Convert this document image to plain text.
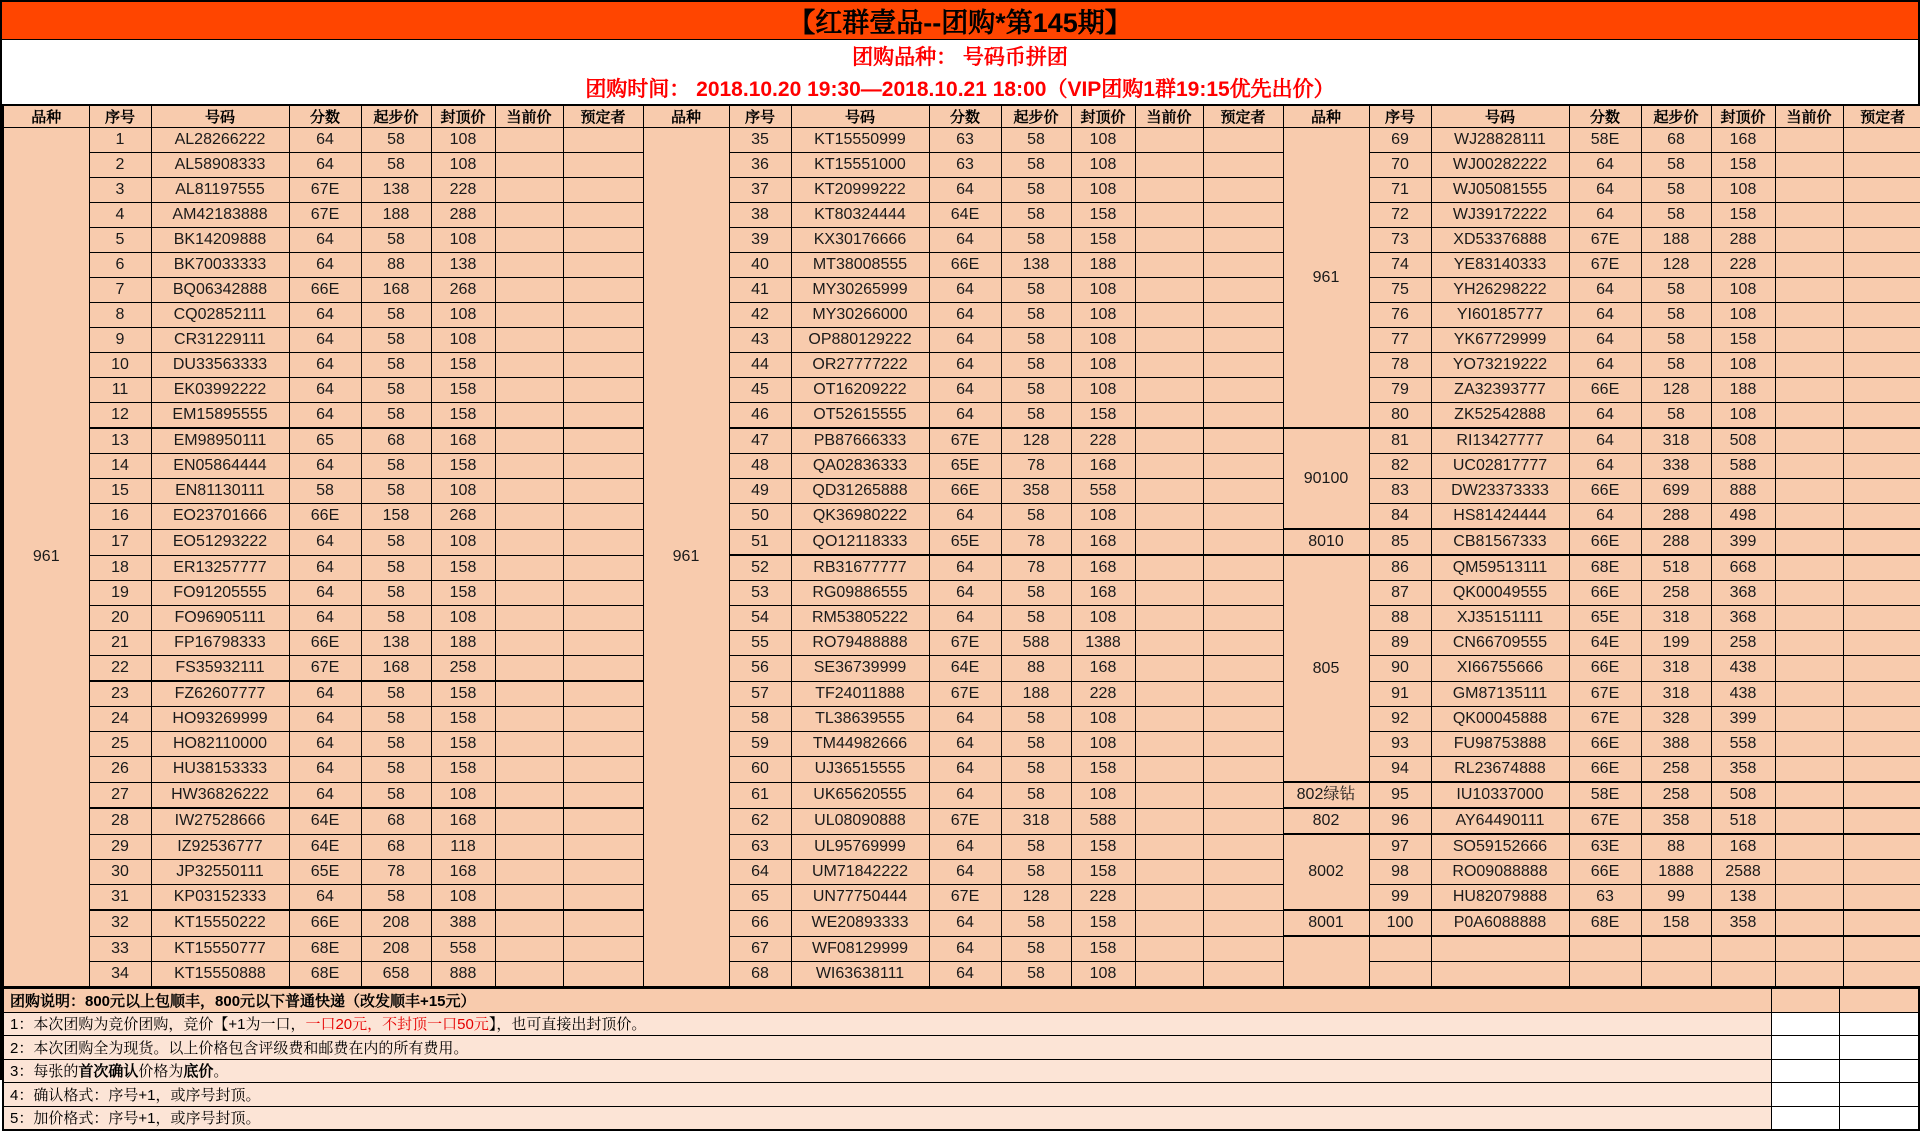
【红群壹品--团购*第145期】
团购品种： 号码币拼团
团购时间： 2018.10.20 19:30—2018.10.21 18:00（VIP团购1群19:15优先出价）
品种	序号	号码	分数	起步价	封顶价	当前价	预定者	品种	序号	号码	分数	起步价	封顶价	当前价	预定者	品种	序号	号码	分数	起步价	封顶价	当前价	预定者
961	1	AL28266222	64	58	108			961	35	KT15550999	63	58	108			961	69	WJ28828111	58E	68	168		
	2	AL58908333	64	58	108				36	KT15551000	63	58	108				70	WJ00282222	64	58	158		
	3	AL81197555	67E	138	228				37	KT20999222	64	58	108				71	WJ05081555	64	58	108		
	4	AM42183888	67E	188	288				38	KT80324444	64E	58	158				72	WJ39172222	64	58	158		
	5	BK14209888	64	58	108				39	KX30176666	64	58	158				73	XD53376888	67E	188	288		
	6	BK70033333	64	88	138				40	MT38008555	66E	138	188				74	YE83140333	67E	128	228		
	7	BQ06342888	66E	168	268				41	MY30265999	64	58	108				75	YH26298222	64	58	108		
	8	CQ02852111	64	58	108				42	MY30266000	64	58	108				76	YI60185777	64	58	108		
	9	CR31229111	64	58	108				43	OP880129222	64	58	108				77	YK67729999	64	58	158		
	10	DU33563333	64	58	158				44	OR27777222	64	58	108				78	YO73219222	64	58	108		
	11	EK03992222	64	58	158				45	OT16209222	64	58	108				79	ZA32393777	66E	128	188		
	12	EM15895555	64	58	158				46	OT52615555	64	58	158				80	ZK52542888	64	58	108		
	13	EM98950111	65	68	168				47	PB87666333	67E	128	228			90100	81	RI13427777	64	318	508		
	14	EN05864444	64	58	158				48	QA02836333	65E	78	168				82	UC02817777	64	338	588		
	15	EN81130111	58	58	108				49	QD31265888	66E	358	558				83	DW23373333	66E	699	888		
	16	EO23701666	66E	158	268				50	QK36980222	64	58	108				84	HS81424444	64	288	498		
	17	EO51293222	64	58	108				51	QO12118333	65E	78	168			8010	85	CB81567333	66E	288	399		
	18	ER13257777	64	58	158				52	RB31677777	64	78	168			805	86	QM59513111	68E	518	668		
	19	FO91205555	64	58	158				53	RG09886555	64	58	168				87	QK00049555	66E	258	368		
	20	FO96905111	64	58	108				54	RM53805222	64	58	108				88	XJ35151111	65E	318	368		
	21	FP16798333	66E	138	188				55	RO79488888	67E	588	1388				89	CN66709555	64E	199	258		
	22	FS35932111	67E	168	258				56	SE36739999	64E	88	168				90	XI66755666	66E	318	438		
	23	FZ62607777	64	58	158				57	TF24011888	67E	188	228				91	GM87135111	67E	318	438		
	24	HO93269999	64	58	158				58	TL38639555	64	58	108				92	QK00045888	67E	328	399		
	25	HO82110000	64	58	158				59	TM44982666	64	58	108				93	FU98753888	66E	388	558		
	26	HU38153333	64	58	158				60	UJ36515555	64	58	158				94	RL23674888	66E	258	358		
	27	HW36826222	64	58	108				61	UK65620555	64	58	108			802绿钻	95	IU10337000	58E	258	508		
	28	IW27528666	64E	68	168				62	UL08090888	67E	318	588			802	96	AY64490111	67E	358	518		
	29	IZ92536777	64E	68	118				63	UL95769999	64	58	158			8002	97	SO59152666	63E	88	168		
	30	JP32550111	65E	78	168				64	UM71842222	64	58	158				98	RO09088888	66E	1888	2588		
	31	KP03152333	64	58	108				65	UN77750444	67E	128	228				99	HU82079888	63	99	138		
	32	KT15550222	66E	208	388				66	WE20893333	64	58	158			8001	100	P0A6088888	68E	158	358		
	33	KT15550777	68E	208	558				67	WF08129999	64	58	158										
	34	KT15550888	68E	658	888				68	WI63638111	64	58	108										
团购说明：800元以上包顺丰，800元以下普通快递（改发顺丰+15元）		
1：本次团购为竞价团购，竞价【+1为一口，一口20元，不封顶一口50元】，也可直接出封顶价。		
2：本次团购全为现货。以上价格包含评级费和邮费在内的所有费用。		
3：每张的首次确认价格为底价。		
4：确认格式：序号+1，或序号封顶。		
5：加价格式：序号+1，或序号封顶。		
